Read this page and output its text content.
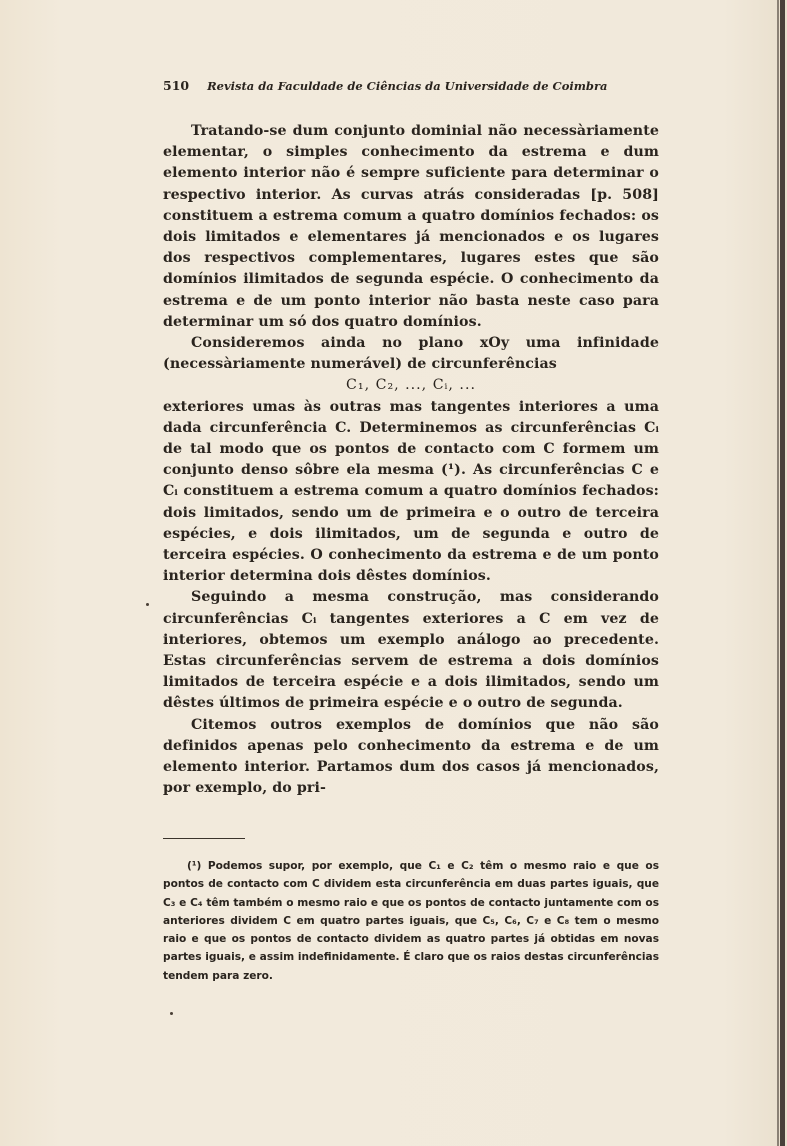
510 Revista da Faculdade de Ciências da Universidade de Coimbra

Tratando-se dum conjunto dominial não necessàriamente elementar, o simples conhecimento da estrema e dum elemento interior não é sempre suficiente para determinar o respectivo interior. As curvas atrás consideradas [p. 508] constituem a estrema comum a quatro domínios fechados: os dois limitados e elementares já mencionados e os lugares dos respectivos complementares, lugares estes que são domínios ilimitados de segunda espécie. O conhecimento da estrema e de um ponto interior não basta neste caso para determinar um só dos quatro domínios.

Consideremos ainda no plano xOy uma infinidade (necessàriamente numerável) de circunferências

C₁, C₂, ..., Cᵢ, ...

exteriores umas às outras mas tangentes interiores a uma dada circunferência C. Determinemos as circunferências Cᵢ de tal modo que os pontos de contacto com C formem um conjunto denso sôbre ela mesma (¹). As circunferências C e Cᵢ constituem a estrema comum a quatro domínios fechados: dois limitados, sendo um de primeira e o outro de terceira espécies, e dois ilimitados, um de segunda e outro de terceira espécies. O conhecimento da estrema e de um ponto interior determina dois dêstes domínios.

Seguindo a mesma construção, mas considerando circunferências Cᵢ tangentes exteriores a C em vez de interiores, obtemos um exemplo análogo ao precedente. Estas circunferências servem de estrema a dois domínios limitados de terceira espécie e a dois ilimitados, sendo um dêstes últimos de primeira espécie e o outro de segunda.

Citemos outros exemplos de domínios que não são definidos apenas pelo conhecimento da estrema e de um elemento interior. Partamos dum dos casos já mencionados, por exemplo, do pri-

(¹) Podemos supor, por exemplo, que C₁ e C₂ têm o mesmo raio e que os pontos de contacto com C dividem esta circunferência em duas partes iguais, que C₃ e C₄ têm também o mesmo raio e que os pontos de contacto juntamente com os anteriores dividem C em quatro partes iguais, que C₅, C₆, C₇ e C₈ tem o mesmo raio e que os pontos de contacto dividem as quatro partes já obtidas em novas partes iguais, e assim indefinidamente. É claro que os raios destas circunferências tendem para zero.
